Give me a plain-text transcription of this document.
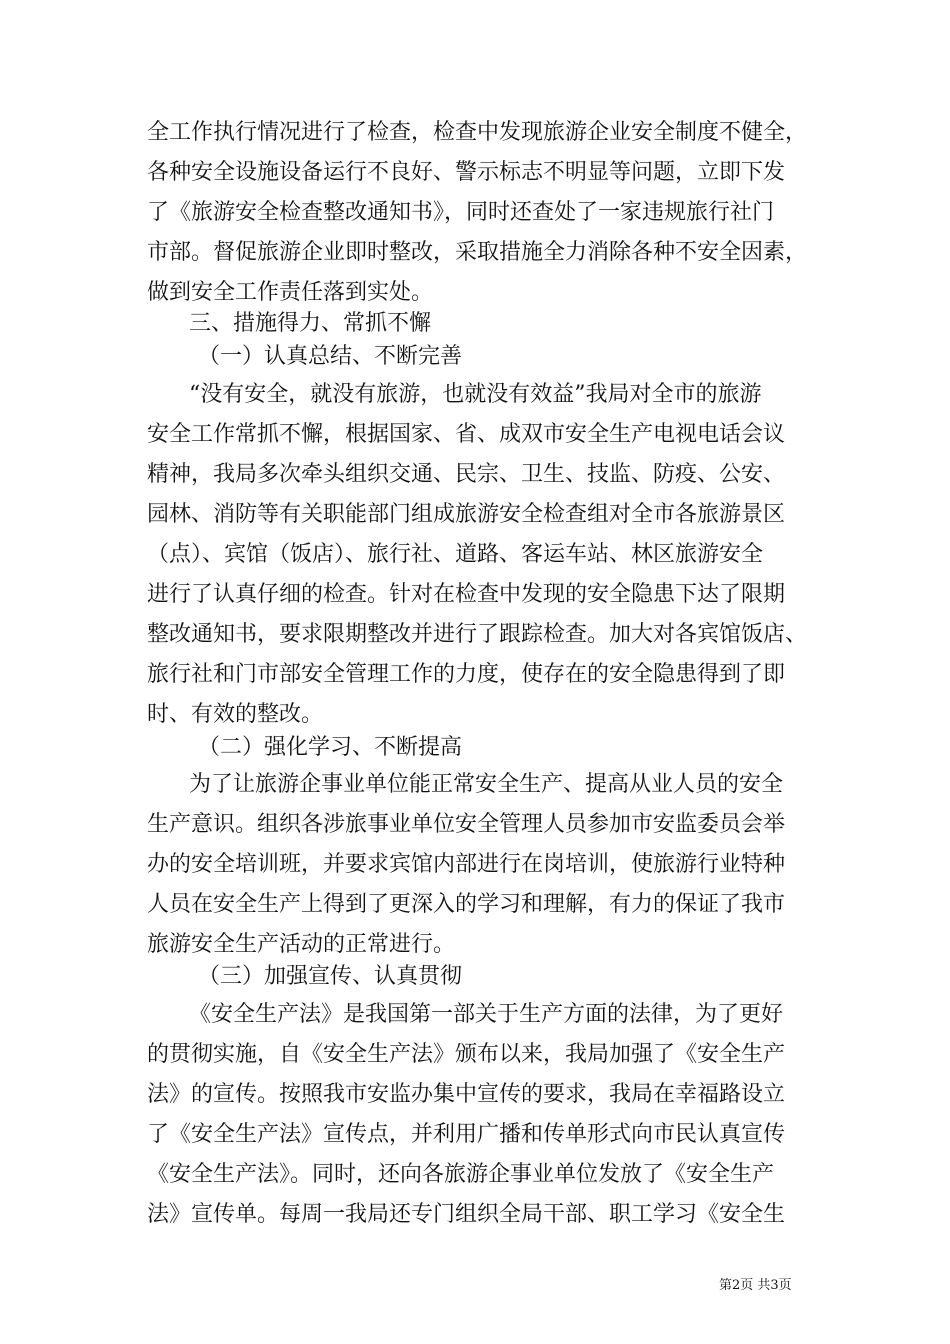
全工作执行情况进行了检查，检查中发现旅游企业安全制度不健全，
各种安全设施设备运行不良好、警示标志不明显等问题，立即下发
了《旅游安全检查整改通知书》，同时还查处了一家违规旅行社门
市部。督促旅游企业即时整改，采取措施全力消除各种不安全因素，
做到安全工作责任落到实处。
三、措施得力、常抓不懈
（一）认真总结、不断完善
“没有安全，就没有旅游，也就没有效益”我局对全市的旅游
安全工作常抓不懈，根据国家、省、成双市安全生产电视电话会议
精神，我局多次牵头组织交通、民宗、卫生、技监、防疫、公安、
园林、消防等有关职能部门组成旅游安全检查组对全市各旅游景区
（点）、宾馆（饭店）、旅行社、道路、客运车站、林区旅游安全
进行了认真仔细的检查。针对在检查中发现的安全隐患下达了限期
整改通知书，要求限期整改并进行了跟踪检查。加大对各宾馆饭店、
旅行社和门市部安全管理工作的力度，使存在的安全隐患得到了即
时、有效的整改。
（二）强化学习、不断提高
为了让旅游企事业单位能正常安全生产、提高从业人员的安全
生产意识。组织各涉旅事业单位安全管理人员参加市安监委员会举
办的安全培训班，并要求宾馆内部进行在岗培训，使旅游行业特种
人员在安全生产上得到了更深入的学习和理解，有力的保证了我市
旅游安全生产活动的正常进行。
（三）加强宣传、认真贯彻
《安全生产法》是我国第一部关于生产方面的法律，为了更好
的贯彻实施，自《安全生产法》颁布以来，我局加强了《安全生产
法》的宣传。按照我市安监办集中宣传的要求，我局在幸福路设立
了《安全生产法》宣传点，并利用广播和传单形式向市民认真宣传
《安全生产法》。同时，还向各旅游企事业单位发放了《安全生产
法》宣传单。每周一我局还专门组织全局干部、职工学习《安全生
第2页 共3页
